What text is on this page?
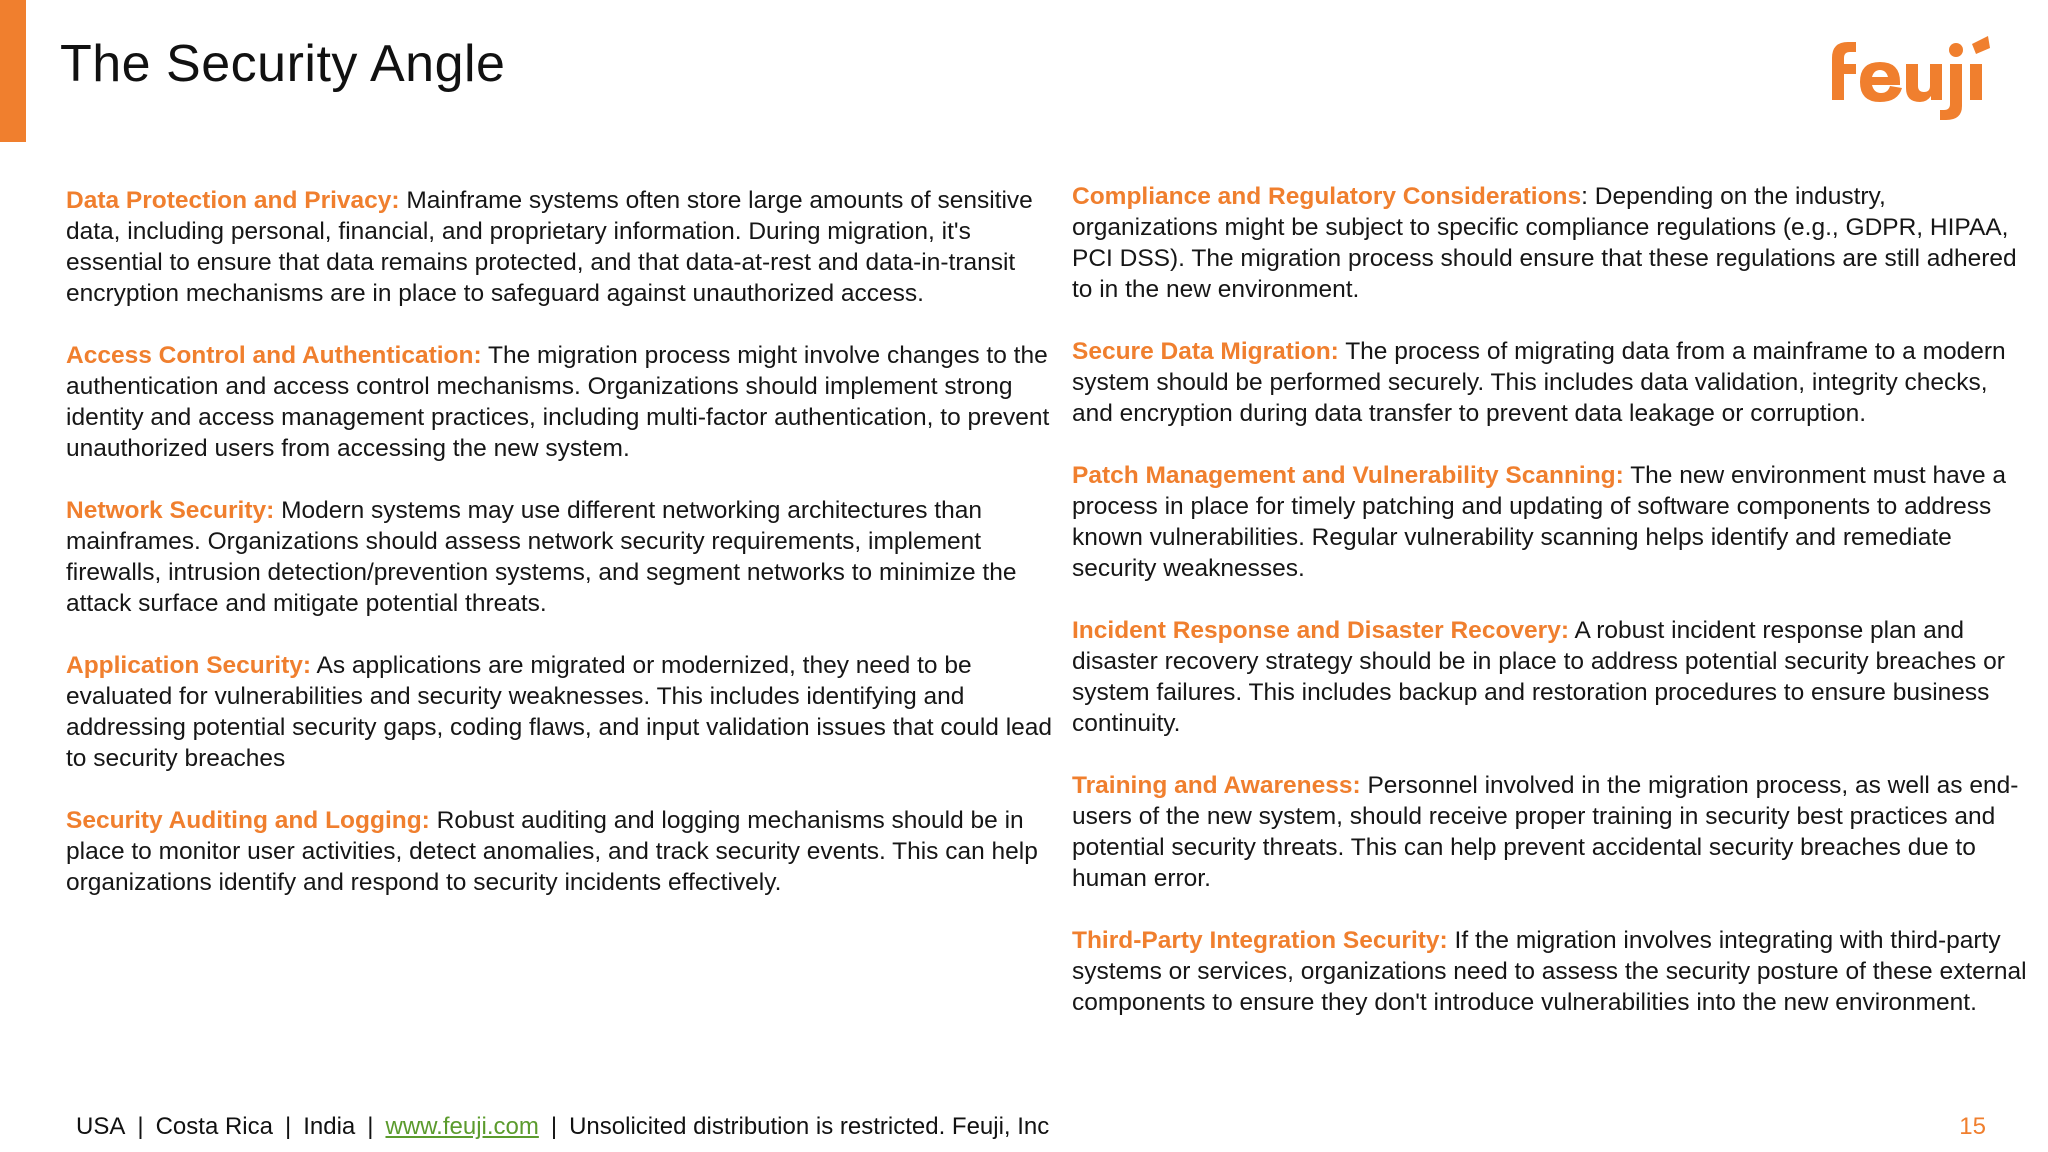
The Security Angle

Data Protection and Privacy: Mainframe systems often store large amounts of sensitive data, including personal, financial, and proprietary information. During migration, it's essential to ensure that data remains protected, and that data-at-rest and data-in-transit encryption mechanisms are in place to safeguard against unauthorized access.

Access Control and Authentication: The migration process might involve changes to the authentication and access control mechanisms. Organizations should implement strong identity and access management practices, including multi-factor authentication, to prevent unauthorized users from accessing the new system.

Network Security: Modern systems may use different networking architectures than mainframes. Organizations should assess network security requirements, implement firewalls, intrusion detection/prevention systems, and segment networks to minimize the attack surface and mitigate potential threats.

Application Security: As applications are migrated or modernized, they need to be evaluated for vulnerabilities and security weaknesses. This includes identifying and addressing potential security gaps, coding flaws, and input validation issues that could lead to security breaches

Security Auditing and Logging: Robust auditing and logging mechanisms should be in place to monitor user activities, detect anomalies, and track security events. This can help organizations identify and respond to security incidents effectively.

Compliance and Regulatory Considerations: Depending on the industry, organizations might be subject to specific compliance regulations (e.g., GDPR, HIPAA, PCI DSS). The migration process should ensure that these regulations are still adhered to in the new environment.

Secure Data Migration: The process of migrating data from a mainframe to a modern system should be performed securely. This includes data validation, integrity checks, and encryption during data transfer to prevent data leakage or corruption.

Patch Management and Vulnerability Scanning: The new environment must have a process in place for timely patching and updating of software components to address known vulnerabilities. Regular vulnerability scanning helps identify and remediate security weaknesses.

Incident Response and Disaster Recovery: A robust incident response plan and disaster recovery strategy should be in place to address potential security breaches or system failures. This includes backup and restoration procedures to ensure business continuity.

Training and Awareness: Personnel involved in the migration process, as well as end-users of the new system, should receive proper training in security best practices and potential security threats. This can help prevent accidental security breaches due to human error.

Third-Party Integration Security: If the migration involves integrating with third-party systems or services, organizations need to assess the security posture of these external components to ensure they don't introduce vulnerabilities into the new environment.

USA | Costa Rica | India | www.feuji.com | Unsolicited distribution is restricted. Feuji, Inc	15
